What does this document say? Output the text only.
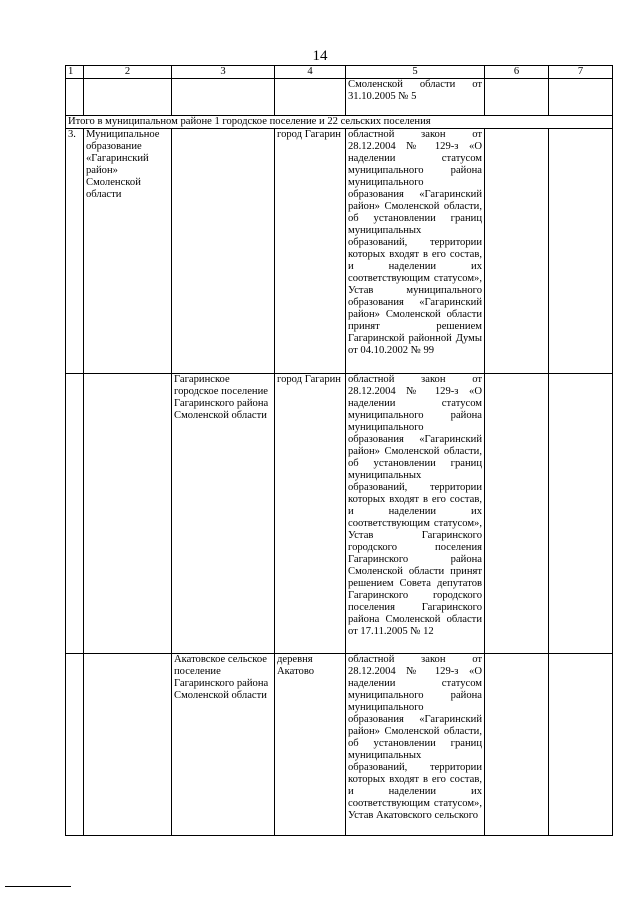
14
1	2	3	4	5	6	7
				Смоленской области от 31.10.2005 № 5		
Итого в муниципальном районе 1 городское поселение и 22 сельских поселения						
3.	Муниципальное образование «Гагаринский район» Смоленской области		город Гагарин	областной закон от 28.12.2004 № 129-з «О наделении статусом муниципального района муниципального образования «Гагаринский район» Смоленской области, об установлении границ муниципальных образований, территории которых входят в его состав, и наделении их соответствующим статусом», Устав муниципального образования «Гагаринский район» Смоленской области принят решением Гагаринской районной Думы от 04.10.2002 № 99		
		Гагаринское городское поселение Гагаринского района Смоленской области	город Гагарин	областной закон от 28.12.2004 № 129-з «О наделении статусом муниципального района муниципального образования «Гагаринский район» Смоленской области, об установлении границ муниципальных образований, территории которых входят в его состав, и наделении их соответствующим статусом», Устав Гагаринского городского поселения Гагаринского района Смоленской области принят решением Совета депутатов Гагаринского городского поселения Гагаринского района Смоленской области от 17.11.2005 № 12		
		Акатовское сельское поселение Гагаринского района Смоленской области	деревня Акатово	областной закон от 28.12.2004 № 129-з «О наделении статусом муниципального района муниципального образования «Гагаринский район» Смоленской области, об установлении границ муниципальных образований, территории которых входят в его состав, и наделении их соответствующим статусом», Устав Акатовского сельского		
